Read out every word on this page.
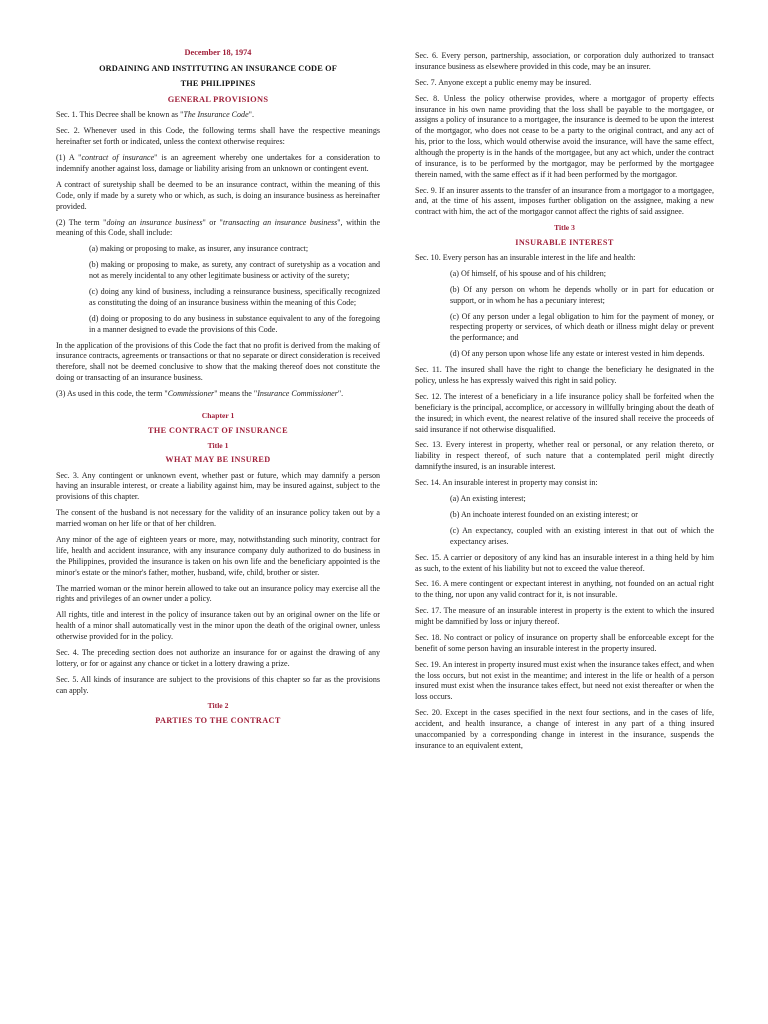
December 18, 1974

ORDAINING AND INSTITUTING AN INSURANCE CODE OF

THE PHILIPPINES

GENERAL PROVISIONS

Sec. 1. This Decree shall be known as "The Insurance Code".

Sec. 2. Whenever used in this Code, the following terms shall have the respective meanings hereinafter set forth or indicated, unless the context otherwise requires:

(1) A "contract of insurance" is an agreement whereby one undertakes for a consideration to indemnify another against loss, damage or liability arising from an unknown or contingent event.

A contract of suretyship shall be deemed to be an insurance contract, within the meaning of this Code, only if made by a surety who or which, as such, is doing an insurance business as hereinafter provided.

(2) The term "doing an insurance business" or "transacting an insurance business", within the meaning of this Code, shall include:

(a) making or proposing to make, as insurer, any insurance contract;

(b) making or proposing to make, as surety, any contract of suretyship as a vocation and not as merely incidental to any other legitimate business or activity of the surety;

(c) doing any kind of business, including a reinsurance business, specifically recognized as constituting the doing of an insurance business within the meaning of this Code;

(d) doing or proposing to do any business in substance equivalent to any of the foregoing in a manner designed to evade the provisions of this Code.

In the application of the provisions of this Code the fact that no profit is derived from the making of insurance contracts, agreements or transactions or that no separate or direct consideration is received therefore, shall not be deemed conclusive to show that the making thereof does not constitute the doing or transacting of an insurance business.

(3) As used in this code, the term "Commissioner" means the "Insurance Commissioner".

Chapter 1

THE CONTRACT OF INSURANCE

Title 1

WHAT MAY BE INSURED

Sec. 3. Any contingent or unknown event, whether past or future, which may damnify a person having an insurable interest, or create a liability against him, may be insured against, subject to the provisions of this chapter.

The consent of the husband is not necessary for the validity of an insurance policy taken out by a married woman on her life or that of her children.

Any minor of the age of eighteen years or more, may, notwithstanding such minority, contract for life, health and accident insurance, with any insurance company duly authorized to do business in the Philippines, provided the insurance is taken on his own life and the beneficiary appointed is the minor's estate or the minor's father, mother, husband, wife, child, brother or sister.

The married woman or the minor herein allowed to take out an insurance policy may exercise all the rights and privileges of an owner under a policy.

All rights, title and interest in the policy of insurance taken out by an original owner on the life or health of a minor shall automatically vest in the minor upon the death of the original owner, unless otherwise provided for in the policy.

Sec. 4. The preceding section does not authorize an insurance for or against the drawing of any lottery, or for or against any chance or ticket in a lottery drawing a prize.

Sec. 5. All kinds of insurance are subject to the provisions of this chapter so far as the provisions can apply.

Title 2

PARTIES TO THE CONTRACT

Sec. 6. Every person, partnership, association, or corporation duly authorized to transact insurance business as elsewhere provided in this code, may be an insurer.

Sec. 7. Anyone except a public enemy may be insured.

Sec. 8. Unless the policy otherwise provides, where a mortgagor of property effects insurance in his own name providing that the loss shall be payable to the mortgagee, or assigns a policy of insurance to a mortgagee, the insurance is deemed to be upon the interest of the mortgagor, who does not cease to be a party to the original contract, and any act of his, prior to the loss, which would otherwise avoid the insurance, will have the same effect, although the property is in the hands of the mortgagee, but any act which, under the contract of insurance, is to be performed by the mortgagor, may be performed by the mortgagee therein named, with the same effect as if it had been performed by the mortgagor.

Sec. 9. If an insurer assents to the transfer of an insurance from a mortgagor to a mortgagee, and, at the time of his assent, imposes further obligation on the assignee, making a new contract with him, the act of the mortgagor cannot affect the rights of said assignee.

Title 3

INSURABLE INTEREST

Sec. 10. Every person has an insurable interest in the life and health:

(a) Of himself, of his spouse and of his children;

(b) Of any person on whom he depends wholly or in part for education or support, or in whom he has a pecuniary interest;

(c) Of any person under a legal obligation to him for the payment of money, or respecting property or services, of which death or illness might delay or prevent the performance; and

(d) Of any person upon whose life any estate or interest vested in him depends.

Sec. 11. The insured shall have the right to change the beneficiary he designated in the policy, unless he has expressly waived this right in said policy.

Sec. 12. The interest of a beneficiary in a life insurance policy shall be forfeited when the beneficiary is the principal, accomplice, or accessory in willfully bringing about the death of the insured; in which event, the nearest relative of the insured shall receive the proceeds of said insurance if not otherwise disqualified.

Sec. 13. Every interest in property, whether real or personal, or any relation thereto, or liability in respect thereof, of such nature that a contemplated peril might directly damnifythe insured, is an insurable interest.

Sec. 14. An insurable interest in property may consist in:

(a) An existing interest;

(b) An inchoate interest founded on an existing interest; or

(c) An expectancy, coupled with an existing interest in that out of which the expectancy arises.

Sec. 15. A carrier or depository of any kind has an insurable interest in a thing held by him as such, to the extent of his liability but not to exceed the value thereof.

Sec. 16. A mere contingent or expectant interest in anything, not founded on an actual right to the thing, nor upon any valid contract for it, is not insurable.

Sec. 17. The measure of an insurable interest in property is the extent to which the insured might be damnified by loss or injury thereof.

Sec. 18. No contract or policy of insurance on property shall be enforceable except for the benefit of some person having an insurable interest in the property insured.

Sec. 19. An interest in property insured must exist when the insurance takes effect, and when the loss occurs, but not exist in the meantime; and interest in the life or health of a person insured must exist when the insurance takes effect, but need not exist thereafter or when the loss occurs.

Sec. 20. Except in the cases specified in the next four sections, and in the cases of life, accident, and health insurance, a change of interest in any part of a thing insured unaccompanied by a corresponding change in interest in the insurance, suspends the insurance to an equivalent extent,
